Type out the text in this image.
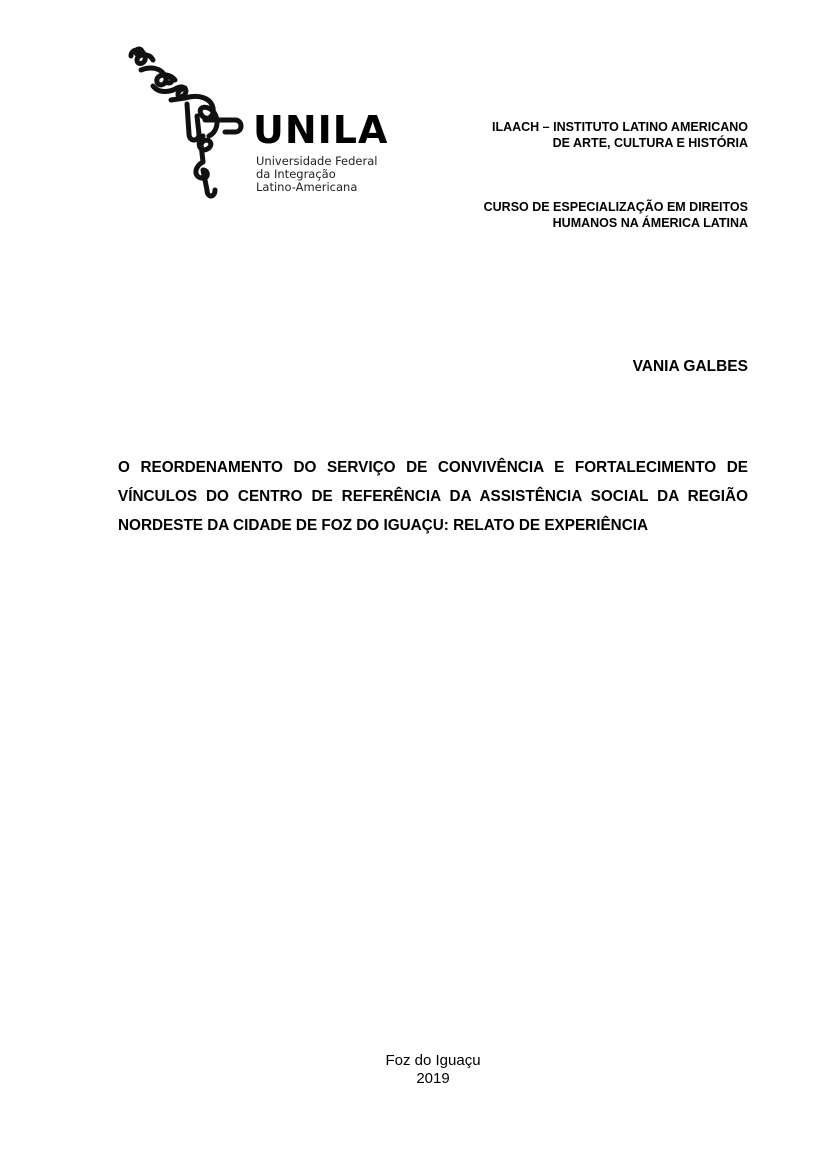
UNILA
Universidade Federal
da Integração
Latino-Americana
ILAACH – INSTITUTO LATINO AMERICANO
DE ARTE, CULTURA E HISTÓRIA
CURSO DE ESPECIALIZAÇÃO EM DIREITOS
HUMANOS NA ÁMERICA LATINA
VANIA GALBES
O REORDENAMENTO DO SERVIÇO DE CONVIVÊNCIA E FORTALECIMENTO DE VÍNCULOS DO CENTRO DE REFERÊNCIA DA ASSISTÊNCIA SOCIAL DA REGIÃO NORDESTE DA CIDADE DE FOZ DO IGUAÇU: RELATO DE EXPERIÊNCIA
Foz do Iguaçu
2019
